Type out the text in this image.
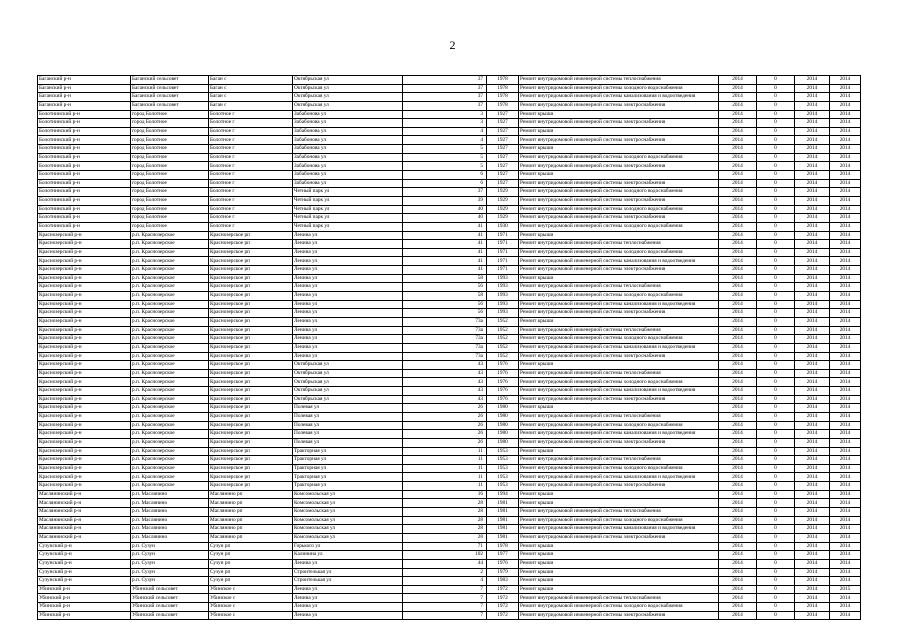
2
Баганский р-н	Баганский сельсовет	Баган с	Октябрьская ул	37	1978	Ремонт внутридомовой инженерной системы теплоснабжения	2014	0	2014	2014
Баганский р-н	Баганский сельсовет	Баган с	Октябрьская ул	37	1978	Ремонт внутридомовой инженерной системы холодного водоснабжения	2014	0	2014	2014
Баганский р-н	Баганский сельсовет	Баган с	Октябрьская ул	37	1978	Ремонт внутридомовой инженерной системы канализования и водоотведения	2014	0	2014	2014
Баганский р-н	Баганский сельсовет	Баган с	Октябрьская ул	37	1978	Ремонт внутридомовой инженерной системы электроснабжения	2014	0	2014	2014
Болотнинский р-н	город Болотное	Болотное г	Забабонова ул	3	1927	Ремонт крыши	2014	0	2014	2014
Болотнинский р-н	город Болотное	Болотное г	Забабонова ул	3	1927	Ремонт внутридомовой инженерной системы электроснабжения	2014	0	2014	2014
Болотнинский р-н	город Болотное	Болотное г	Забабонова ул	4	1927	Ремонт крыши	2014	0	2014	2014
Болотнинский р-н	город Болотное	Болотное г	Забабонова ул	4	1927	Ремонт внутридомовой инженерной системы электроснабжения	2014	0	2014	2014
Болотнинский р-н	город Болотное	Болотное г	Забабонова ул	5	1927	Ремонт крыши	2014	0	2014	2014
Болотнинский р-н	город Болотное	Болотное г	Забабонова ул	5	1927	Ремонт внутридомовой инженерной системы холодного водоснабжения	2014	0	2014	2014
Болотнинский р-н	город Болотное	Болотное г	Забабонова ул	5	1927	Ремонт внутридомовой инженерной системы электроснабжения	2014	0	2014	2014
Болотнинский р-н	город Болотное	Болотное г	Забабонова ул	6	1927	Ремонт крыши	2014	0	2014	2014
Болотнинский р-н	город Болотное	Болотное г	Забабонова ул	6	1927	Ремонт внутридомовой инженерной системы электроснабжения	2014	0	2014	2014
Болотнинский р-н	город Болотное	Болотное г	Четный парк ул	37	1929	Ремонт внутридомовой инженерной системы холодного водоснабжения	2014	0	2014	2014
Болотнинский р-н	город Болотное	Болотное г	Четный парк ул	39	1929	Ремонт внутридомовой инженерной системы электроснабжения	2014	0	2014	2014
Болотнинский р-н	город Болотное	Болотное г	Четный парк ул	40	1929	Ремонт внутридомовой инженерной системы холодного водоснабжения	2014	0	2014	2014
Болотнинский р-н	город Болотное	Болотное г	Четный парк ул	40	1929	Ремонт внутридомовой инженерной системы электроснабжения	2014	0	2014	2014
Болотнинский р-н	город Болотное	Болотное г	Четный парк ул	41	1930	Ремонт внутридомовой инженерной системы холодного водоснабжения	2014	0	2014	2014
Краснозерский р-н	р.п. Краснозерское	Краснозерское рп	Ленина ул	41	1971	Ремонт крыши	2014	0	2014	2014
Краснозерский р-н	р.п. Краснозерское	Краснозерское рп	Ленина ул	41	1971	Ремонт внутридомовой инженерной системы теплоснабжения	2014	0	2014	2014
Краснозерский р-н	р.п. Краснозерское	Краснозерское рп	Ленина ул	41	1971	Ремонт внутридомовой инженерной системы холодного водоснабжения	2014	0	2014	2014
Краснозерский р-н	р.п. Краснозерское	Краснозерское рп	Ленина ул	41	1971	Ремонт внутридомовой инженерной системы канализования и водоотведения	2014	0	2014	2014
Краснозерский р-н	р.п. Краснозерское	Краснозерское рп	Ленина ул	41	1971	Ремонт внутридомовой инженерной системы электроснабжения	2014	0	2014	2014
Краснозерский р-н	р.п. Краснозерское	Краснозерское рп	Ленина ул	58	1993	Ремонт крыши	2014	0	2014	2014
Краснозерский р-н	р.п. Краснозерское	Краснозерское рп	Ленина ул	56	1993	Ремонт внутридомовой инженерной системы теплоснабжения	2014	0	2014	2014
Краснозерский р-н	р.п. Краснозерское	Краснозерское рп	Ленина ул	58	1993	Ремонт внутридомовой инженерной системы холодного водоснабжения	2014	0	2014	2014
Краснозерский р-н	р.п. Краснозерское	Краснозерское рп	Ленина ул	56	1993	Ремонт внутридомовой инженерной системы канализования и водоотведения	2014	0	2014	2014
Краснозерский р-н	р.п. Краснозерское	Краснозерское рп	Ленина ул	56	1993	Ремонт внутридомовой инженерной системы электроснабжения	2014	0	2014	2014
Краснозерский р-н	р.п. Краснозерское	Краснозерское рп	Ленина ул	73а	1952	Ремонт крыши	2014	0	2014	2014
Краснозерский р-н	р.п. Краснозерское	Краснозерское рп	Ленина ул	73а	1952	Ремонт внутридомовой инженерной системы теплоснабжения	2014	0	2014	2014
Краснозерский р-н	р.п. Краснозерское	Краснозерское рп	Ленина ул	73а	1952	Ремонт внутридомовой инженерной системы холодного водоснабжения	2014	0	2014	2014
Краснозерский р-н	р.п. Краснозерское	Краснозерское рп	Ленина ул	73а	1952	Ремонт внутридомовой инженерной системы канализования и водоотведения	2014	0	2014	2014
Краснозерский р-н	р.п. Краснозерское	Краснозерское рп	Ленина ул	73а	1952	Ремонт внутридомовой инженерной системы электроснабжения	2014	0	2014	2014
Краснозерский р-н	р.п. Краснозерское	Краснозерское рп	Октябрьская ул	43	1976	Ремонт крыши	2014	0	2014	2014
Краснозерский р-н	р.п. Краснозерское	Краснозерское рп	Октябрьская ул	43	1976	Ремонт внутридомовой инженерной системы теплоснабжения	2014	0	2014	2014
Краснозерский р-н	р.п. Краснозерское	Краснозерское рп	Октябрьская ул	43	1976	Ремонт внутридомовой инженерной системы холодного водоснабжения	2014	0	2014	2014
Краснозерский р-н	р.п. Краснозерское	Краснозерское рп	Октябрьская ул	43	1976	Ремонт внутридомовой инженерной системы канализования и водоотведения	2014	0	2014	2014
Краснозерский р-н	р.п. Краснозерское	Краснозерское рп	Октябрьская ул	43	1976	Ремонт внутридомовой инженерной системы электроснабжения	2014	0	2014	2014
Краснозерский р-н	р.п. Краснозерское	Краснозерское рп	Полевая ул	26	1980	Ремонт крыши	2014	0	2014	2014
Краснозерский р-н	р.п. Краснозерское	Краснозерское рп	Полевая ул	26	1980	Ремонт внутридомовой инженерной системы теплоснабжения	2014	0	2014	2014
Краснозерский р-н	р.п. Краснозерское	Краснозерское рп	Полевая ул	26	1980	Ремонт внутридомовой инженерной системы холодного водоснабжения	2014	0	2014	2014
Краснозерский р-н	р.п. Краснозерское	Краснозерское рп	Полевая ул	26	1980	Ремонт внутридомовой инженерной системы канализования и водоотведения	2014	0	2014	2014
Краснозерский р-н	р.п. Краснозерское	Краснозерское рп	Полевая ул	26	1980	Ремонт внутридомовой инженерной системы электроснабжения	2014	0	2014	2014
Краснозерский р-н	р.п. Краснозерское	Краснозерское рп	Тракторная ул	11	1953	Ремонт крыши	2014	0	2014	2014
Краснозерский р-н	р.п. Краснозерское	Краснозерское рп	Тракторная ул	11	1953	Ремонт внутридомовой инженерной системы теплоснабжения	2014	0	2014	2014
Краснозерский р-н	р.п. Краснозерское	Краснозерское рп	Тракторная ул	11	1953	Ремонт внутридомовой инженерной системы холодного водоснабжения	2014	0	2014	2014
Краснозерский р-н	р.п. Краснозерское	Краснозерское рп	Тракторная ул	11	1953	Ремонт внутридомовой инженерной системы канализования и водоотведения	2014	0	2014	2014
Краснозерский р-н	р.п. Краснозерское	Краснозерское рп	Тракторная ул	11	1953	Ремонт внутридомовой инженерной системы электроснабжения	2014	0	2014	2014
Маслянинский р-н	р.п. Маслянино	Маслянино рп	Комсомольская ул	16	1994	Ремонт крыши	2014	0	2014	2014
Маслянинский р-н	р.п. Маслянино	Маслянино рп	Комсомольская ул	28	1981	Ремонт крыши	2014	0	2014	2014
Маслянинский р-н	р.п. Маслянино	Маслянино рп	Комсомольская ул	28	1981	Ремонт внутридомовой инженерной системы теплоснабжения	2014	0	2014	2014
Маслянинский р-н	р.п. Маслянино	Маслянино рп	Комсомольская ул	28	1981	Ремонт внутридомовой инженерной системы холодного водоснабжения	2014	0	2014	2014
Маслянинский р-н	р.п. Маслянино	Маслянино рп	Комсомольская ул	28	1981	Ремонт внутридомовой инженерной системы канализования и водоотведения	2014	0	2014	2014
Маслянинский р-н	р.п. Маслянино	Маслянино рп	Комсомольская ул	28	1981	Ремонт внутридомовой инженерной системы электроснабжения	2014	0	2014	2014
Сузунский р-н	р.п. Сузун	Сузун рп	Горького ул	71	1978	Ремонт крыши	2014	0	2014	2014
Сузунский р-н	р.п. Сузун	Сузун рп	Калинина ул	102	1977	Ремонт крыши	2014	0	2014	2014
Сузунский р-н	р.п. Сузун	Сузун рп	Ленина ул	44	1976	Ремонт крыши	2014	0	2014	2014
Сузунский р-н	р.п. Сузун	Сузун рп	Строителькая ул	2	1979	Ремонт крыши	2014	0	2014	2014
Сузунский р-н	р.п. Сузун	Сузун рп	Строителькая ул	4	1983	Ремонт крыши	2014	0	2014	2014
Убинский р-н	Убинский сельсовет	Убинское с	Ленина ул	7	1972	Ремонт крыши	2014	0	2014	2015
Убинский р-н	Убинский сельсовет	Убинское с	Ленина ул	7	1972	Ремонт внутридомовой инженерной системы теплоснабжения	2014	0	2014	2014
Убинский р-н	Убинский сельсовет	Убинское с	Ленина ул	7	1972	Ремонт внутридомовой инженерной системы холодного водоснабжения	2014	0	2014	2014
Убинский р-н	Убинский сельсовет	Убинское с	Ленина ул	7	1972	Ремонт внутридомовой инженерной системы электроснабжения	2014	0	2014	2014
